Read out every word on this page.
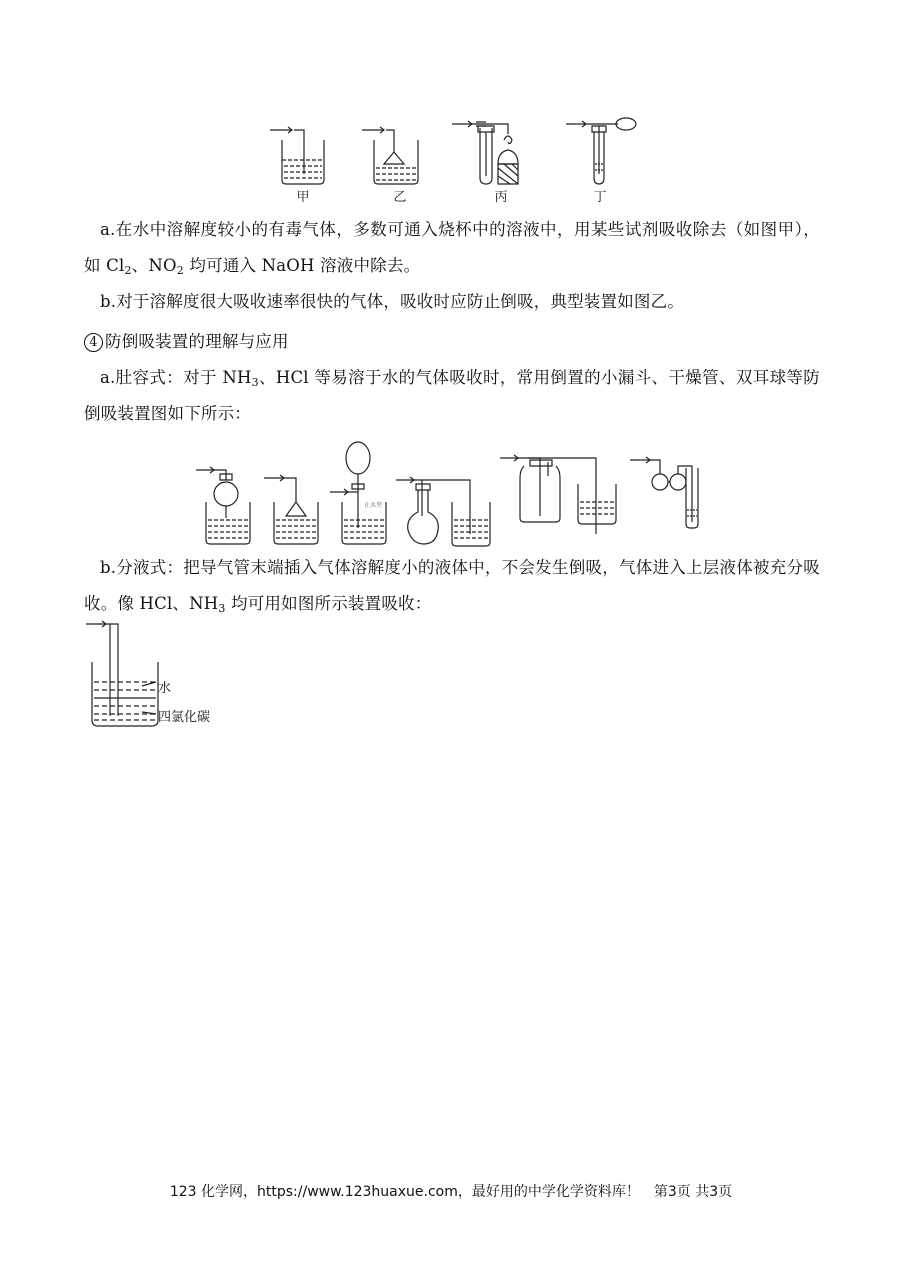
甲	乙	丙	丁
a.在水中溶解度较小的有毒气体，多数可通入烧杯中的溶液中，用某些试剂吸收除去（如图甲），如 $Cl_2$、$NO_2$ 均可通入 NaOH 溶液中除去。
b.对于溶解度很大吸收速率很快的气体，吸收时应防止倒吸，典型装置如图乙。
4 防倒吸装置的理解与应用
a.肚容式：对于 $NH_3$、HCl 等易溶于水的气体吸收时，常用倒置的小漏斗、干燥管、双耳球等防倒吸装置图如下所示：
止水夹
b.分液式：把导气管末端插入气体溶解度小的液体中，不会发生倒吸，气体进入上层液体被充分吸收。像 HCl、$NH_3$ 均可用如图所示装置吸收：
水
四氯化碳
123 化学网，https://www.123huaxue.com，最好用的中学化学资料库！　第3页 共3页
